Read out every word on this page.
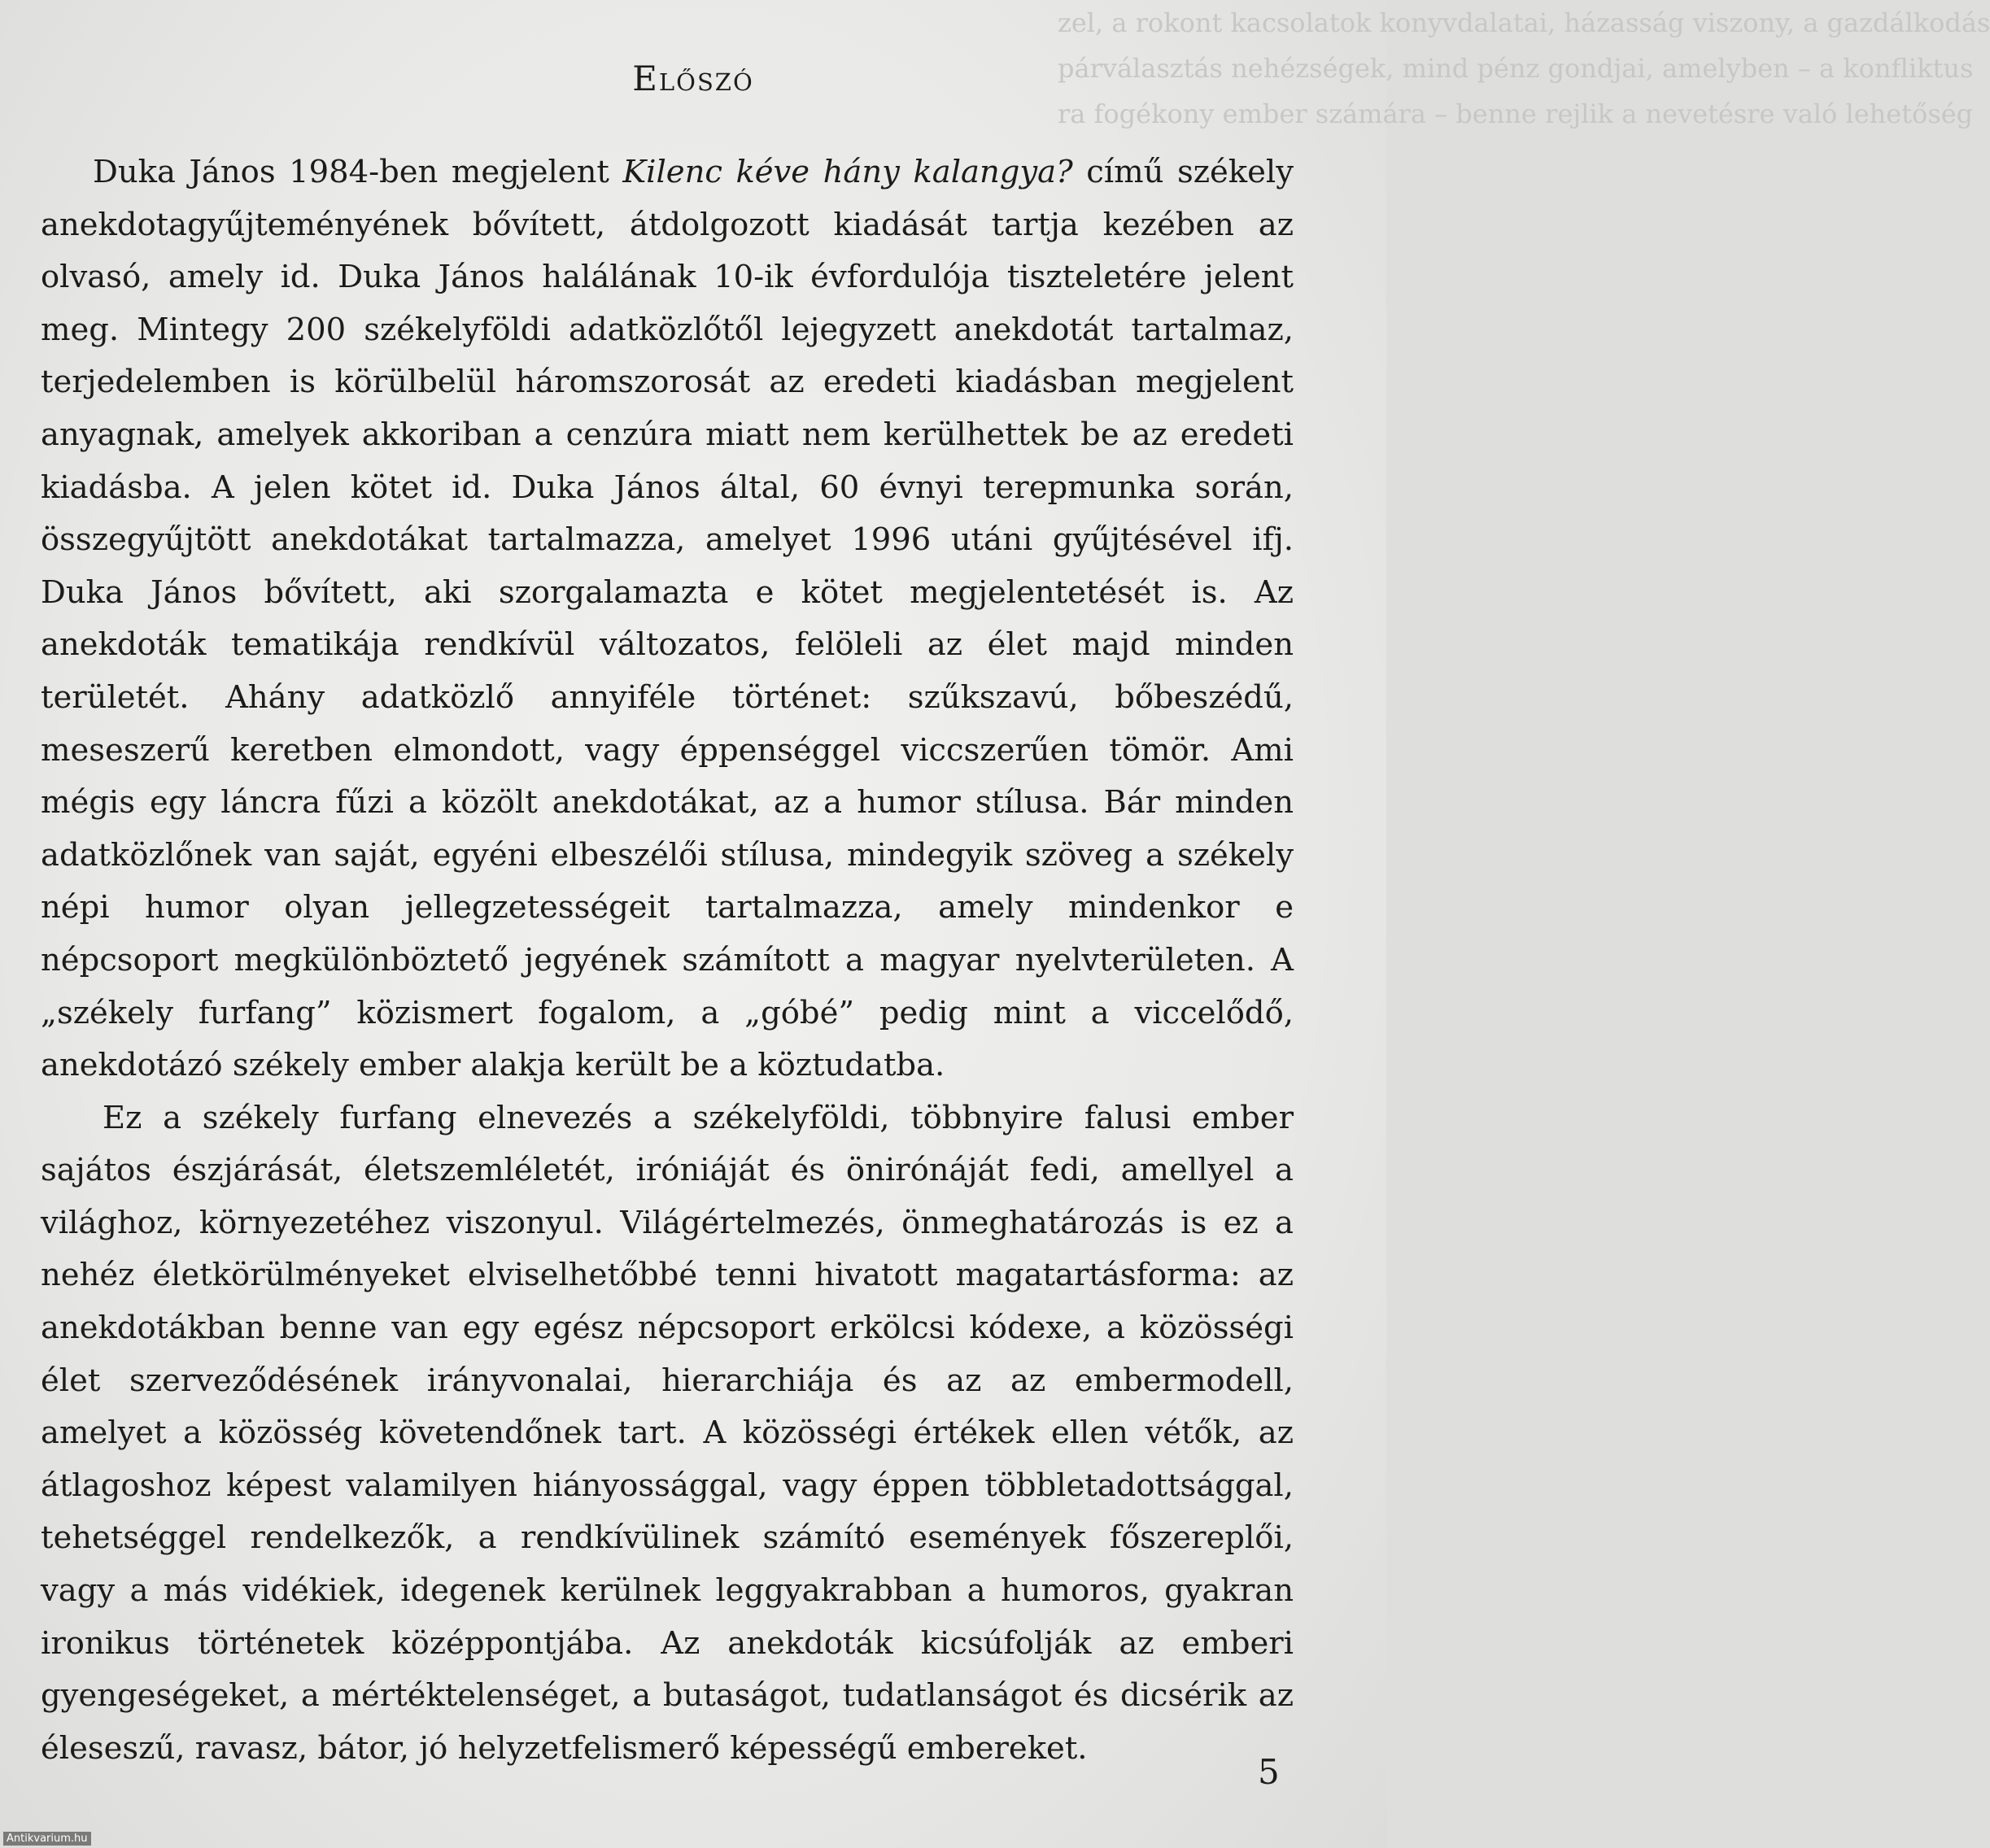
zel, a rokont kacsolatok konyvdalatai, házasság viszony, a gazdálkodás
párválasztás nehézségek, mind pénz gondjai, amelyben – a konfliktus
ra fogékony ember számára – benne rejlik a nevetésre való lehetőség
Előszó

Duka János 1984-ben megjelent Kilenc kéve hány kalangya? című székely anekdotagyűjteményének bővített, átdolgozott kiadását tartja kezében az olvasó, amely id. Duka János halálának 10-ik évfordulója tiszteletére jelent meg. Mintegy 200 székelyföldi adatközlőtől lejegyzett anekdotát tartalmaz, terjedelemben is körülbelül háromszorosát az eredeti kiadásban megjelent anyagnak, amelyek akkoriban a cenzúra miatt nem kerülhettek be az eredeti kiadásba. A jelen kötet id. Duka János által, 60 évnyi terepmunka során, összegyűjtött anekdotákat tartalmazza, amelyet 1996 utáni gyűjtésével ifj. Duka János bővített, aki szorgalamazta e kötet megjelentetését is. Az anekdoták tematikája rendkívül változatos, felöleli az élet majd minden területét. Ahány adatközlő annyiféle történet: szűkszavú, bőbeszédű, meseszerű keretben elmondott, vagy éppenséggel viccszerűen tömör. Ami mégis egy láncra fűzi a közölt anekdotákat, az a humor stílusa. Bár minden adatközlőnek van saját, egyéni elbeszélői stílusa, mindegyik szöveg a székely népi humor olyan jellegzetességeit tartalmazza, amely mindenkor e népcsoport megkülönböztető jegyének számított a magyar nyelvterületen. A „székely furfang” közismert fogalom, a „góbé” pedig mint a viccelődő, anekdotázó székely ember alakja került be a köztudatba.

Ez a székely furfang elnevezés a székelyföldi, többnyire falusi ember sajátos észjárását, életszemléletét, iróniáját és önirónáját fedi, amellyel a világhoz, környezetéhez viszonyul. Világértelmezés, önmeghatározás is ez a nehéz életkörülményeket elviselhetőbbé tenni hivatott magatartásforma: az anekdotákban benne van egy egész népcsoport erkölcsi kódexe, a közösségi élet szerveződésének irányvonalai, hierarchiája és az az embermodell, amelyet a közösség követendőnek tart. A közösségi értékek ellen vétők, az átlagoshoz képest valamilyen hiányossággal, vagy éppen többletadottsággal, tehetséggel rendelkezők, a rendkívülinek számító események főszereplői, vagy a más vidékiek, idegenek kerülnek leggyakrabban a humoros, gyakran ironikus történetek középpontjába. Az anekdoták kicsúfolják az emberi gyengeségeket, a mértéktelenséget, a butaságot, tudatlanságot és dicsérik az éleseszű, ravasz, bátor, jó helyzetfelismerő képességű embereket.

5
Antikvarium.hu
